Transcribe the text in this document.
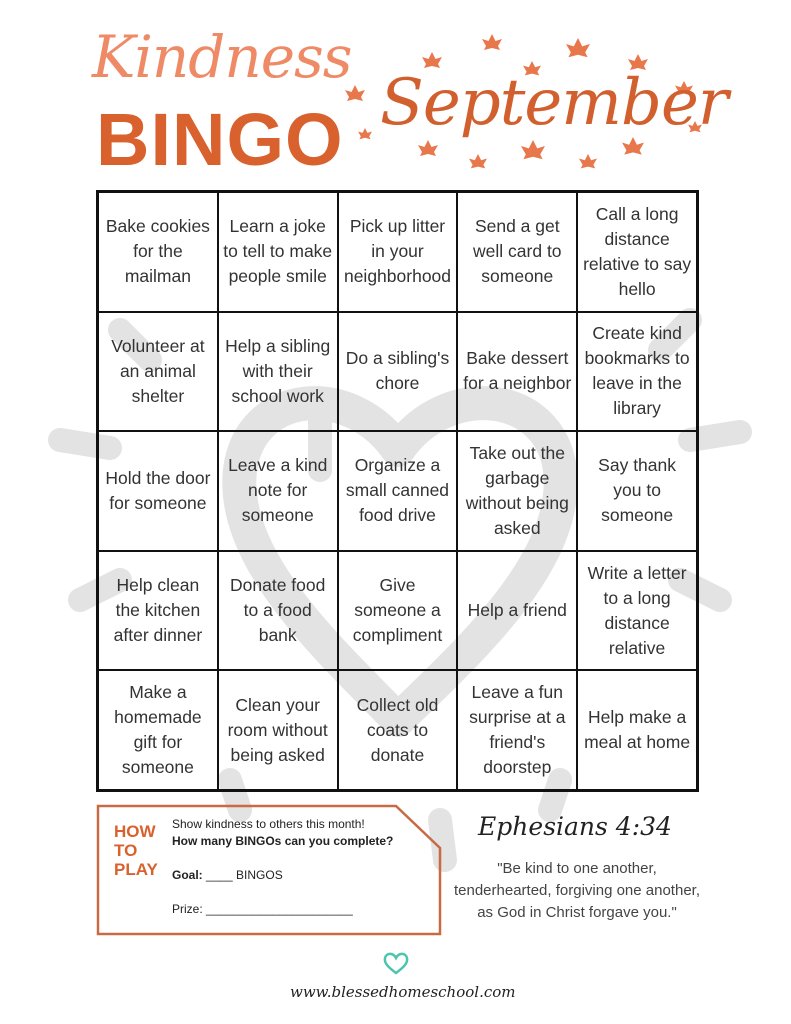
Kindness
BINGO September
Bake cookies for the mailman
Learn a joke to tell to make people smile
Pick up litter in your neighborhood
Send a get well card to someone
Call a long distance relative to say hello
Volunteer at an animal shelter
Help a sibling with their school work
Do a sibling's chore
Bake dessert for a neighbor
Create kind bookmarks to leave in the library
Hold the door for someone
Leave a kind note for someone
Organize a small canned food drive
Take out the garbage without being asked
Say thank you to someone
Help clean the kitchen after dinner
Donate food to a food bank
Give someone a compliment
Help a friend
Write a letter to a long distance relative
Make a homemade gift for someone
Clean your room without being asked
Collect old coats to donate
Leave a fun surprise at a friend's doorstep
Help make a meal at home
HOW
TO
PLAY
Show kindness to others this month!
How many BINGOs can you complete?
Goal: ____ BINGOS
Prize: ______________________
Ephesians 4:34
"Be kind to one another, tenderhearted, forgiving one another, as God in Christ forgave you."
www.blessedhomeschool.com
